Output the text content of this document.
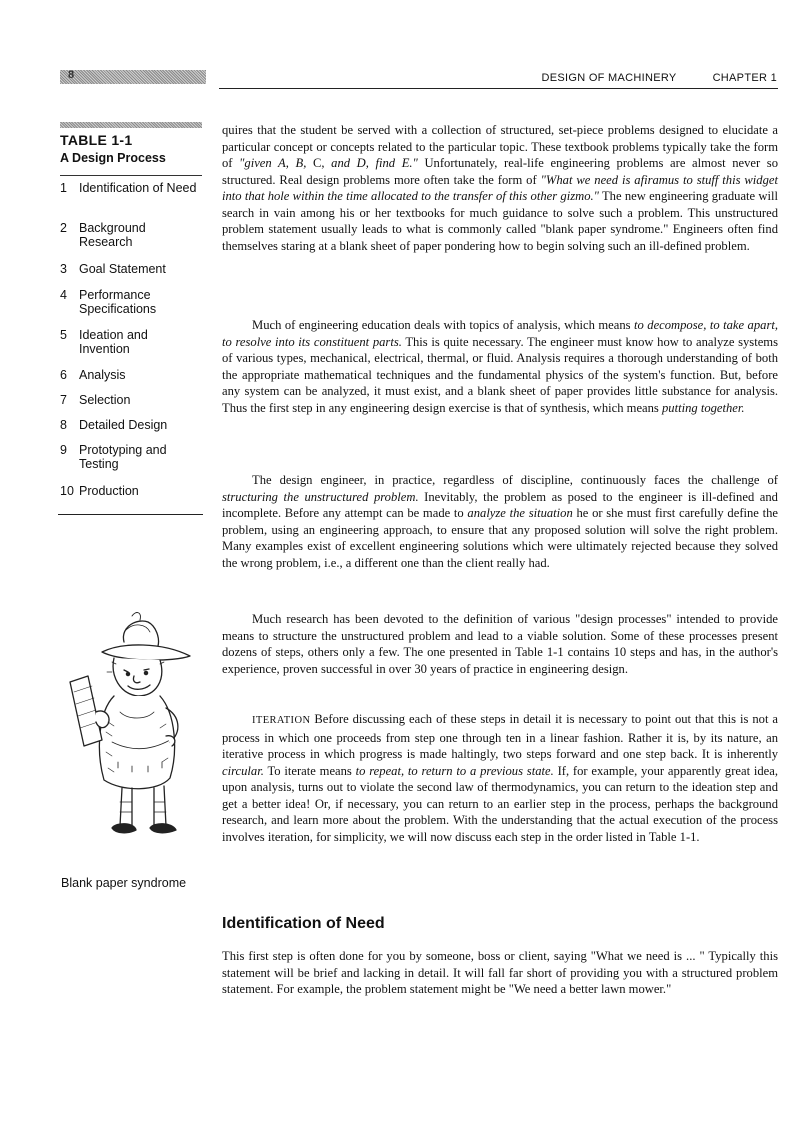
8	DESIGN OF MACHINERY	CHAPTER 1
TABLE 1-1
A Design Process
1 Identification of Need
2 Background Research
3 Goal Statement
4 Performance Specifications
5 Ideation and Invention
6 Analysis
7 Selection
8 Detailed Design
9 Prototyping and Testing
10 Production
Blank paper syndrome
quires that the student be served with a collection of structured, set-piece problems designed to elucidate a particular concept or concepts related to the particular topic. These textbook problems typically take the form of "given A, B, C, and D, find E." Unfortunately, real-life engineering problems are almost never so structured. Real design problems more often take the form of "What we need is afiramus to stuff this widget into that hole within the time allocated to the transfer of this other gizmo." The new engineering graduate will search in vain among his or her textbooks for much guidance to solve such a problem. This unstructured problem statement usually leads to what is commonly called "blank paper syndrome." Engineers often find themselves staring at a blank sheet of paper pondering how to begin solving such an ill-defined problem.
Much of engineering education deals with topics of analysis, which means to decompose, to take apart, to resolve into its constituent parts. This is quite necessary. The engineer must know how to analyze systems of various types, mechanical, electrical, thermal, or fluid. Analysis requires a thorough understanding of both the appropriate mathematical techniques and the fundamental physics of the system's function. But, before any system can be analyzed, it must exist, and a blank sheet of paper provides little substance for analysis. Thus the first step in any engineering design exercise is that of synthesis, which means putting together.
The design engineer, in practice, regardless of discipline, continuously faces the challenge of structuring the unstructured problem. Inevitably, the problem as posed to the engineer is ill-defined and incomplete. Before any attempt can be made to analyze the situation he or she must first carefully define the problem, using an engineering approach, to ensure that any proposed solution will solve the right problem. Many examples exist of excellent engineering solutions which were ultimately rejected because they solved the wrong problem, i.e., a different one than the client really had.
Much research has been devoted to the definition of various "design processes" intended to provide means to structure the unstructured problem and lead to a viable solution. Some of these processes present dozens of steps, others only a few. The one presented in Table 1-1 contains 10 steps and has, in the author's experience, proven successful in over 30 years of practice in engineering design.
ITERATION Before discussing each of these steps in detail it is necessary to point out that this is not a process in which one proceeds from step one through ten in a linear fashion. Rather it is, by its nature, an iterative process in which progress is made haltingly, two steps forward and one step back. It is inherently circular. To iterate means to repeat, to return to a previous state. If, for example, your apparently great idea, upon analysis, turns out to violate the second law of thermodynamics, you can return to the ideation step and get a better idea! Or, if necessary, you can return to an earlier step in the process, perhaps the background research, and learn more about the problem. With the understanding that the actual execution of the process involves iteration, for simplicity, we will now discuss each step in the order listed in Table 1-1.
Identification of Need
This first step is often done for you by someone, boss or client, saying "What we need is ... " Typically this statement will be brief and lacking in detail. It will fall far short of providing you with a structured problem statement. For example, the problem statement might be "We need a better lawn mower."
